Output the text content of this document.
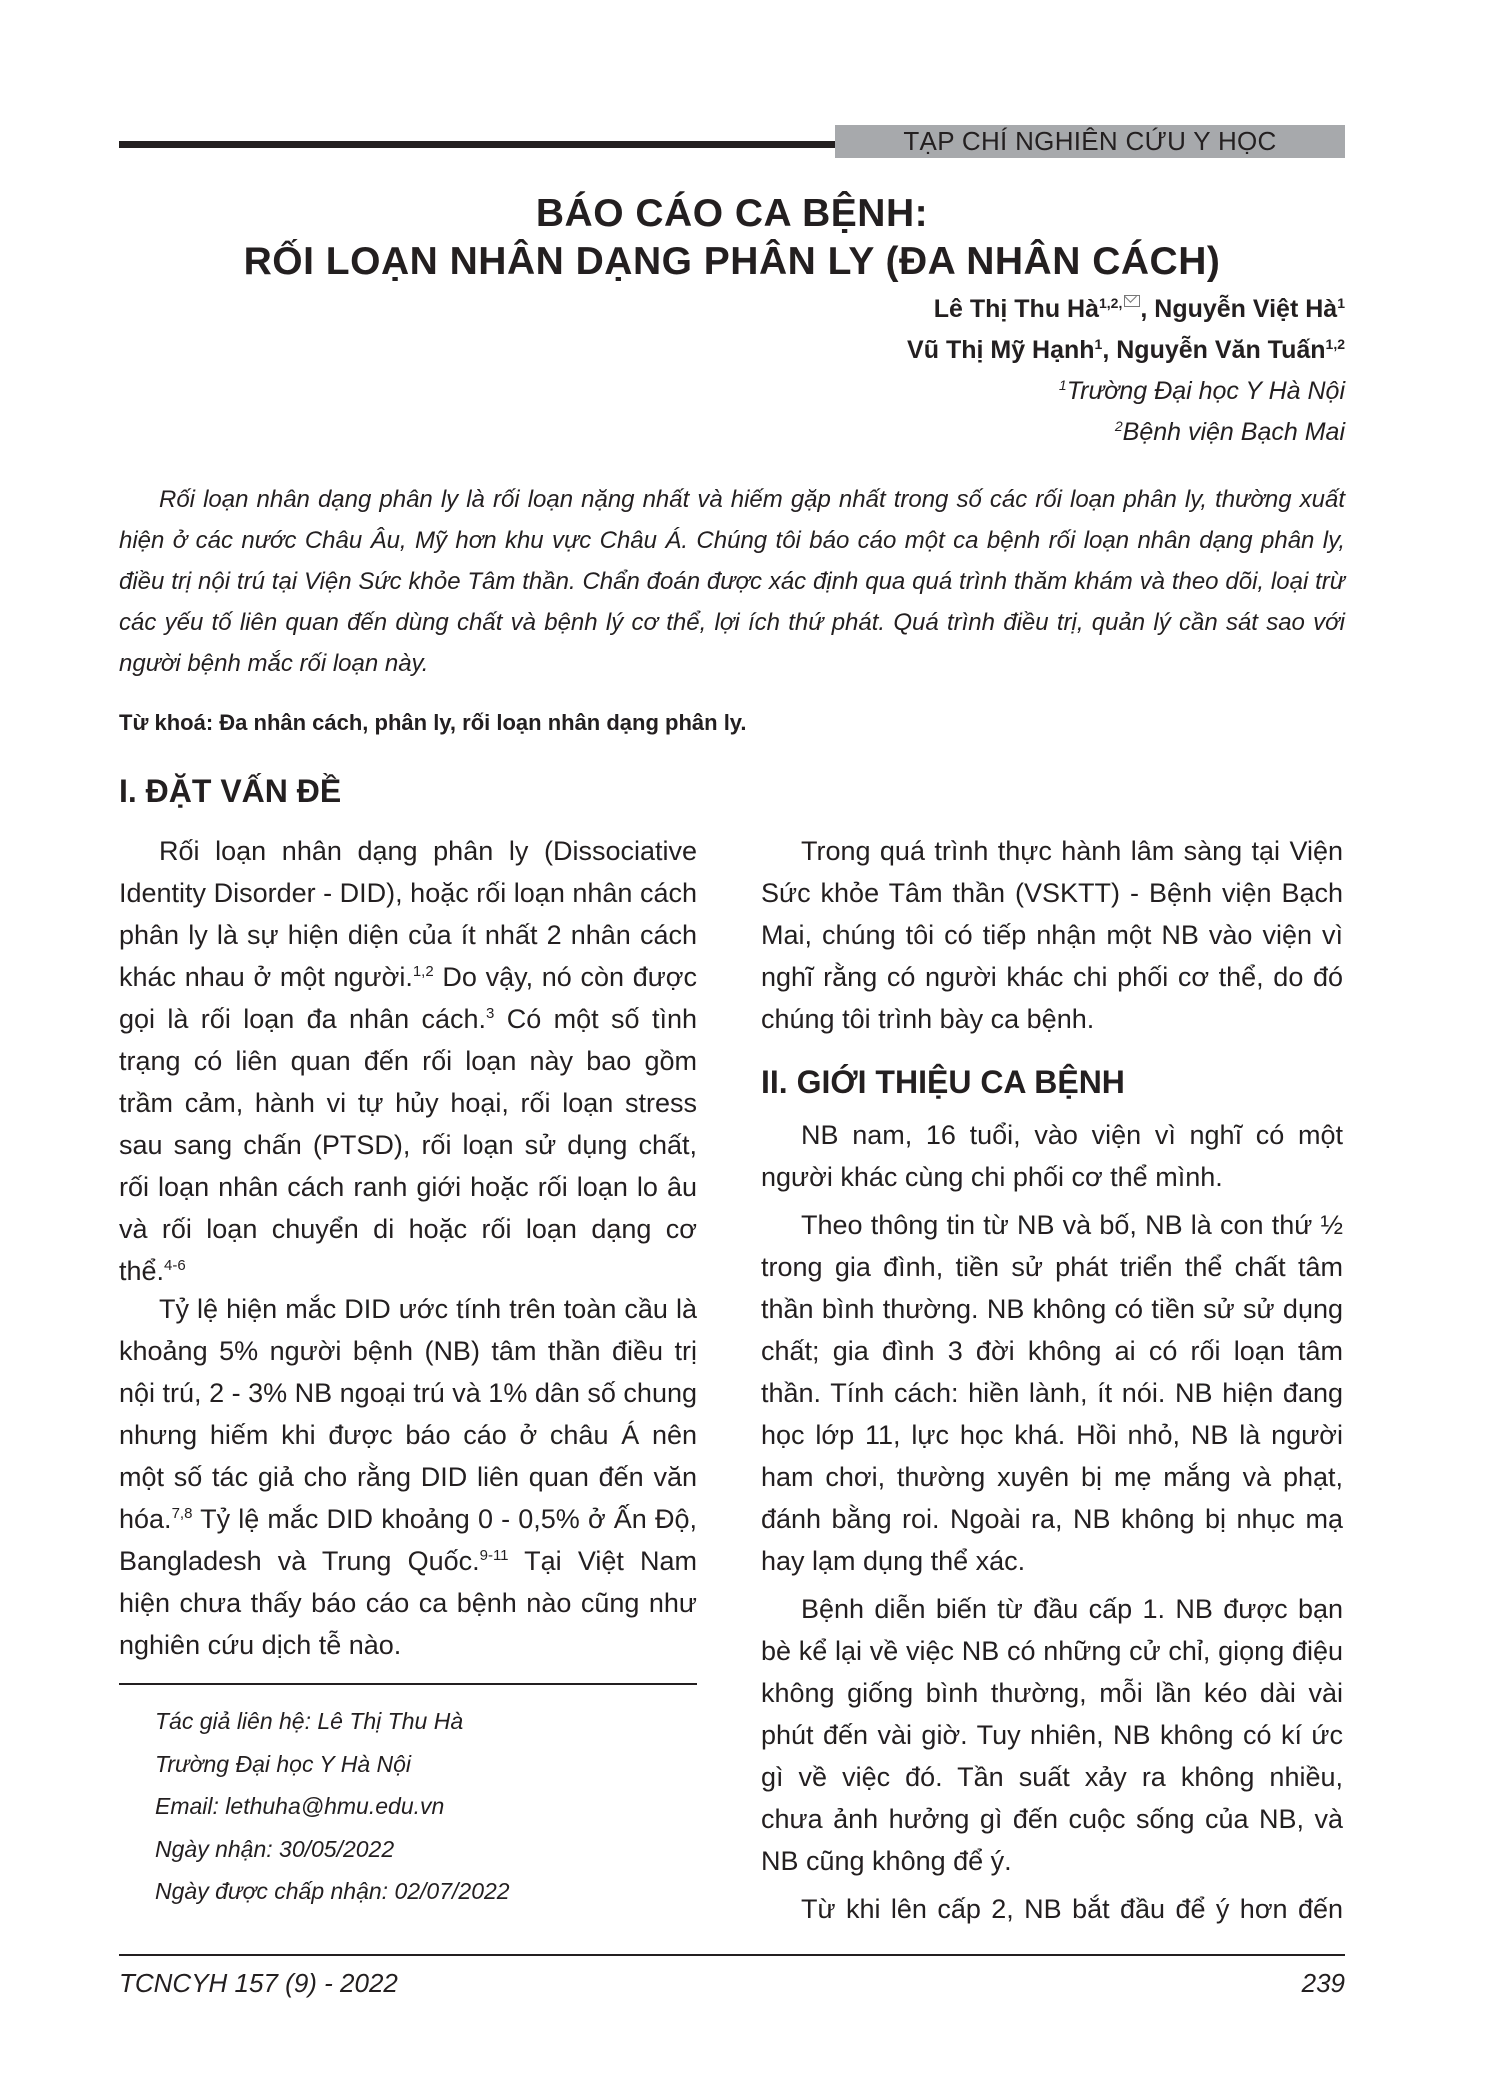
TẠP CHÍ NGHIÊN CỨU Y HỌC
BÁO CÁO CA BỆNH:
RỐI LOẠN NHÂN DẠNG PHÂN LY (ĐA NHÂN CÁCH)
Lê Thị Thu $Hà^{1,2,}$ , Nguyễn Việt $Hà^1$
Vũ Thị Mỹ Hạnh$^1$, Nguyễn Văn Tuấn$^{1,2}$
$^1$Trường Đại học Y Hà Nội
$^2$Bệnh viện Bạch Mai
Rối loạn nhân dạng phân ly là rối loạn nặng nhất và hiếm gặp nhất trong số các rối loạn phân ly, thường xuất hiện ở các nước Châu Âu, Mỹ hơn khu vực Châu Á. Chúng tôi báo cáo một ca bệnh rối loạn nhân dạng phân ly, điều trị nội trú tại Viện Sức khỏe Tâm thần. Chẩn đoán được xác định qua quá trình thăm khám và theo dõi, loại trừ các yếu tố liên quan đến dùng chất và bệnh lý cơ thể, lợi ích thứ phát. Quá trình điều trị, quản lý cần sát sao với người bệnh mắc rối loạn này.
Từ khoá: Đa nhân cách, phân ly, rối loạn nhân dạng phân ly.
I. ĐẶT VẤN ĐỀ

Rối loạn nhân dạng phân ly (Dissociative Identity Disorder - DID), hoặc rối loạn nhân cách phân ly là sự hiện diện của ít nhất 2 nhân cách khác nhau ở một người.$^{1,2}$ Do vậy, nó còn được gọi là rối loạn đa nhân cách.$^3$ Có một số tình trạng có liên quan đến rối loạn này bao gồm trầm cảm, hành vi tự hủy hoại, rối loạn stress sau sang chấn (PTSD), rối loạn sử dụng chất, rối loạn nhân cách ranh giới hoặc rối loạn lo âu và rối loạn chuyển di hoặc rối loạn dạng cơ thể.$^{4-6}$

Tỷ lệ hiện mắc DID ước tính trên toàn cầu là khoảng 5% người bệnh (NB) tâm thần điều trị nội trú, 2 - 3% NB ngoại trú và 1% dân số chung nhưng hiếm khi được báo cáo ở châu Á nên một số tác giả cho rằng DID liên quan đến văn hóa.$^{7,8}$ Tỷ lệ mắc DID khoảng 0 - 0,5% ở Ấn Độ, Bangladesh và Trung Quốc.$^{9-11}$ Tại Việt Nam hiện chưa thấy báo cáo ca bệnh nào cũng như nghiên cứu dịch tễ nào.

Tác giả liên hệ: Lê Thị Thu Hà
Trường Đại học Y Hà Nội
Email: lethuha@hmu.edu.vn
Ngày nhận: 30/05/2022
Ngày được chấp nhận: 02/07/2022

Trong quá trình thực hành lâm sàng tại Viện Sức khỏe Tâm thần (VSKTT) - Bệnh viện Bạch Mai, chúng tôi có tiếp nhận một NB vào viện vì nghĩ rằng có người khác chi phối cơ thể, do đó chúng tôi trình bày ca bệnh.

II. GIỚI THIỆU CA BỆNH

NB nam, 16 tuổi, vào viện vì nghĩ có một người khác cùng chi phối cơ thể mình.

Theo thông tin từ NB và bố, NB là con thứ ½ trong gia đình, tiền sử phát triển thể chất tâm thần bình thường. NB không có tiền sử sử dụng chất; gia đình 3 đời không ai có rối loạn tâm thần. Tính cách: hiền lành, ít nói. NB hiện đang học lớp 11, lực học khá. Hồi nhỏ, NB là người ham chơi, thường xuyên bị mẹ mắng và phạt, đánh bằng roi. Ngoài ra, NB không bị nhục mạ hay lạm dụng thể xác.

Bệnh diễn biến từ đầu cấp 1. NB được bạn bè kể lại về việc NB có những cử chỉ, giọng điệu không giống bình thường, mỗi lần kéo dài vài phút đến vài giờ. Tuy nhiên, NB không có kí ức gì về việc đó. Tần suất xảy ra không nhiều, chưa ảnh hưởng gì đến cuộc sống của NB, và NB cũng không để ý.

Từ khi lên cấp 2, NB bắt đầu để ý hơn đến

TCNCYH 157 (9) - 2022	239
